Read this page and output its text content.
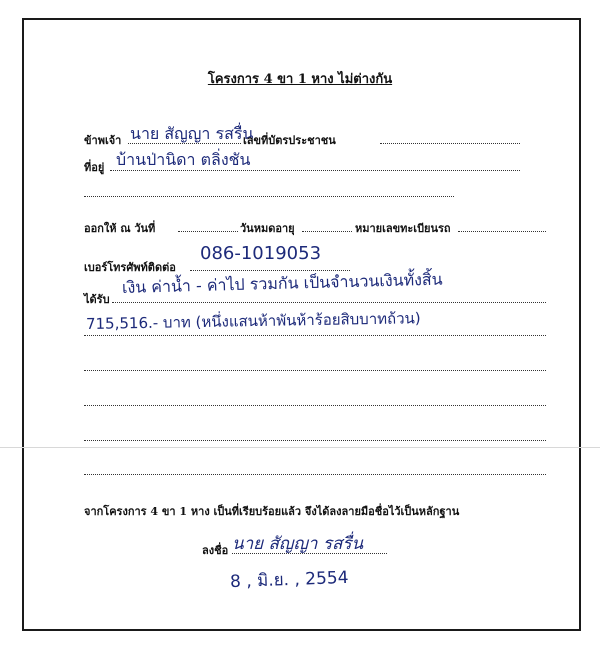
โครงการ 4 ขา 1 หาง ไม่ต่างกัน
ข้าพเจ้า นาย สัญญา รสรื่น
เลขที่บัตรประชาชน
ที่อยู่ บ้านป่านิดา ตลิ่งชัน
ออกให้ ณ วันที่	วันหมดอายุ	หมายเลขทะเบียนรถ
เบอร์โทรศัพท์ติดต่อ
086-1019053
ได้รับ
เงิน ค่าน้ำ - ค่าไป รวมกัน เป็นจำนวนเงินทั้งสิ้น
715,516.- บาท (หนึ่งแสนห้าพันห้าร้อยสิบบาทถ้วน)
จากโครงการ 4 ขา 1 หาง เป็นที่เรียบร้อยแล้ว จึงได้ลงลายมือชื่อไว้เป็นหลักฐาน
ลงชื่อ นาย สัญญา รสรื่น
8 , มิ.ย. , 2554
